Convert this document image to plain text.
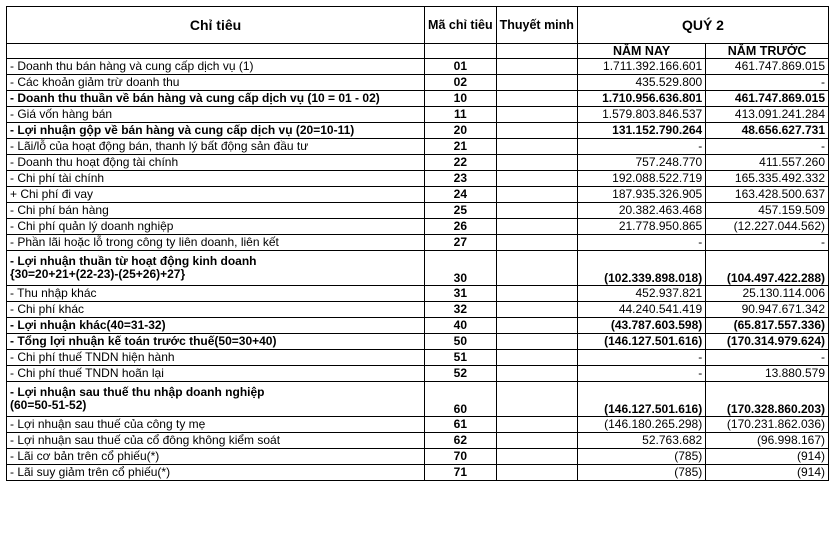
Chỉ tiêu	Mã chỉ tiêu	Thuyết minh	QUÝ 2	

			NĂM NAY	NĂM TRƯỚC

- Doanh thu bán hàng và cung cấp dịch vụ (1)	01		1.711.392.166.601	461.747.869.015

- Các khoản giảm trừ doanh thu	02		435.529.800	-

- Doanh thu thuần về bán hàng và cung cấp dịch vụ (10 = 01 - 02)	10		1.710.956.636.801	461.747.869.015

- Giá vốn hàng bán	11		1.579.803.846.537	413.091.241.284

- Lợi nhuận gộp về bán hàng và cung cấp dịch vụ (20=10-11)	20		131.152.790.264	48.656.627.731

- Lãi/lỗ của hoạt động bán, thanh lý bất động sản đầu tư	21		-	-

- Doanh thu hoạt động tài chính	22		757.248.770	411.557.260

- Chi phí tài chính	23		192.088.522.719	165.335.492.332

+ Chi phí đi vay	24		187.935.326.905	163.428.500.637

- Chi phí bán hàng	25		20.382.463.468	457.159.509

- Chi phí quản lý doanh nghiệp	26		21.778.950.865	(12.227.044.562)

- Phần lãi hoặc lỗ trong công ty liên doanh, liên kết	27		-	-

- Lợi nhuận thuần từ hoạt động kinh doanh
{30=20+21+(22-23)-(25+26)+27}	30		(102.339.898.018)	(104.497.422.288)

- Thu nhập khác	31		452.937.821	25.130.114.006

- Chi phí khác	32		44.240.541.419	90.947.671.342

- Lợi nhuận khác(40=31-32)	40		(43.787.603.598)	(65.817.557.336)

- Tổng lợi nhuận kế toán trước thuế(50=30+40)	50		(146.127.501.616)	(170.314.979.624)

- Chi phí thuế TNDN hiện hành	51		-	-

- Chi phí thuế TNDN hoãn lại	52		-	13.880.579

- Lợi nhuận sau thuế thu nhập doanh nghiệp
(60=50-51-52)	60		(146.127.501.616)	(170.328.860.203)

- Lợi nhuận sau thuế của công ty mẹ	61		(146.180.265.298)	(170.231.862.036)

- Lợi nhuận sau thuế của cổ đông không kiểm soát	62		52.763.682	(96.998.167)

- Lãi cơ bản trên cổ phiếu(*)	70		(785)	(914)

- Lãi suy giảm trên cổ phiếu(*)	71		(785)	(914)
